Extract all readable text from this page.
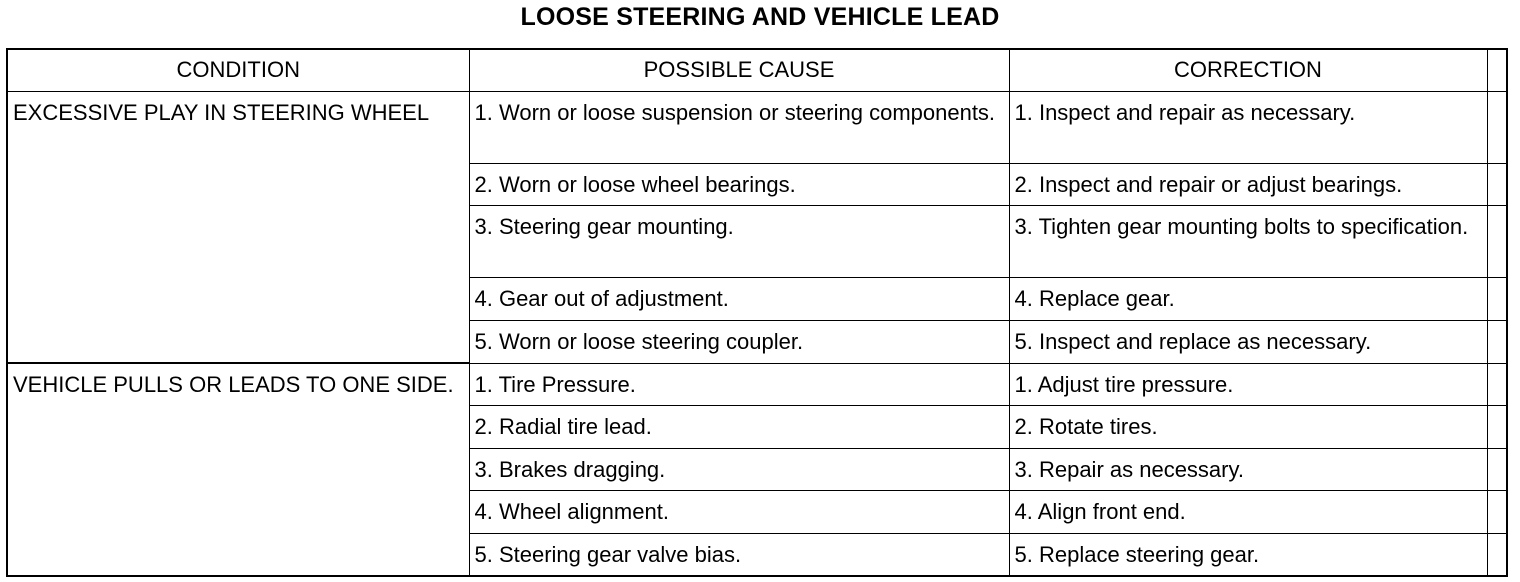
LOOSE STEERING AND VEHICLE LEAD
CONDITION	POSSIBLE CAUSE	CORRECTION	
EXCESSIVE PLAY IN STEERING WHEEL	1. Worn or loose suspension or steering components.	1. Inspect and repair as necessary.	
	2. Worn or loose wheel bearings.	2. Inspect and repair or adjust bearings.	
	3. Steering gear mounting.	3. Tighten gear mounting bolts to specification.	
	4. Gear out of adjustment.	4. Replace gear.	
	5. Worn or loose steering coupler.	5. Inspect and replace as necessary.	
VEHICLE PULLS OR LEADS TO ONE SIDE.	1. Tire Pressure.	1. Adjust tire pressure.	
	2. Radial tire lead.	2. Rotate tires.	
	3. Brakes dragging.	3. Repair as necessary.	
	4. Wheel alignment.	4. Align front end.	
	5. Steering gear valve bias.	5. Replace steering gear.	
